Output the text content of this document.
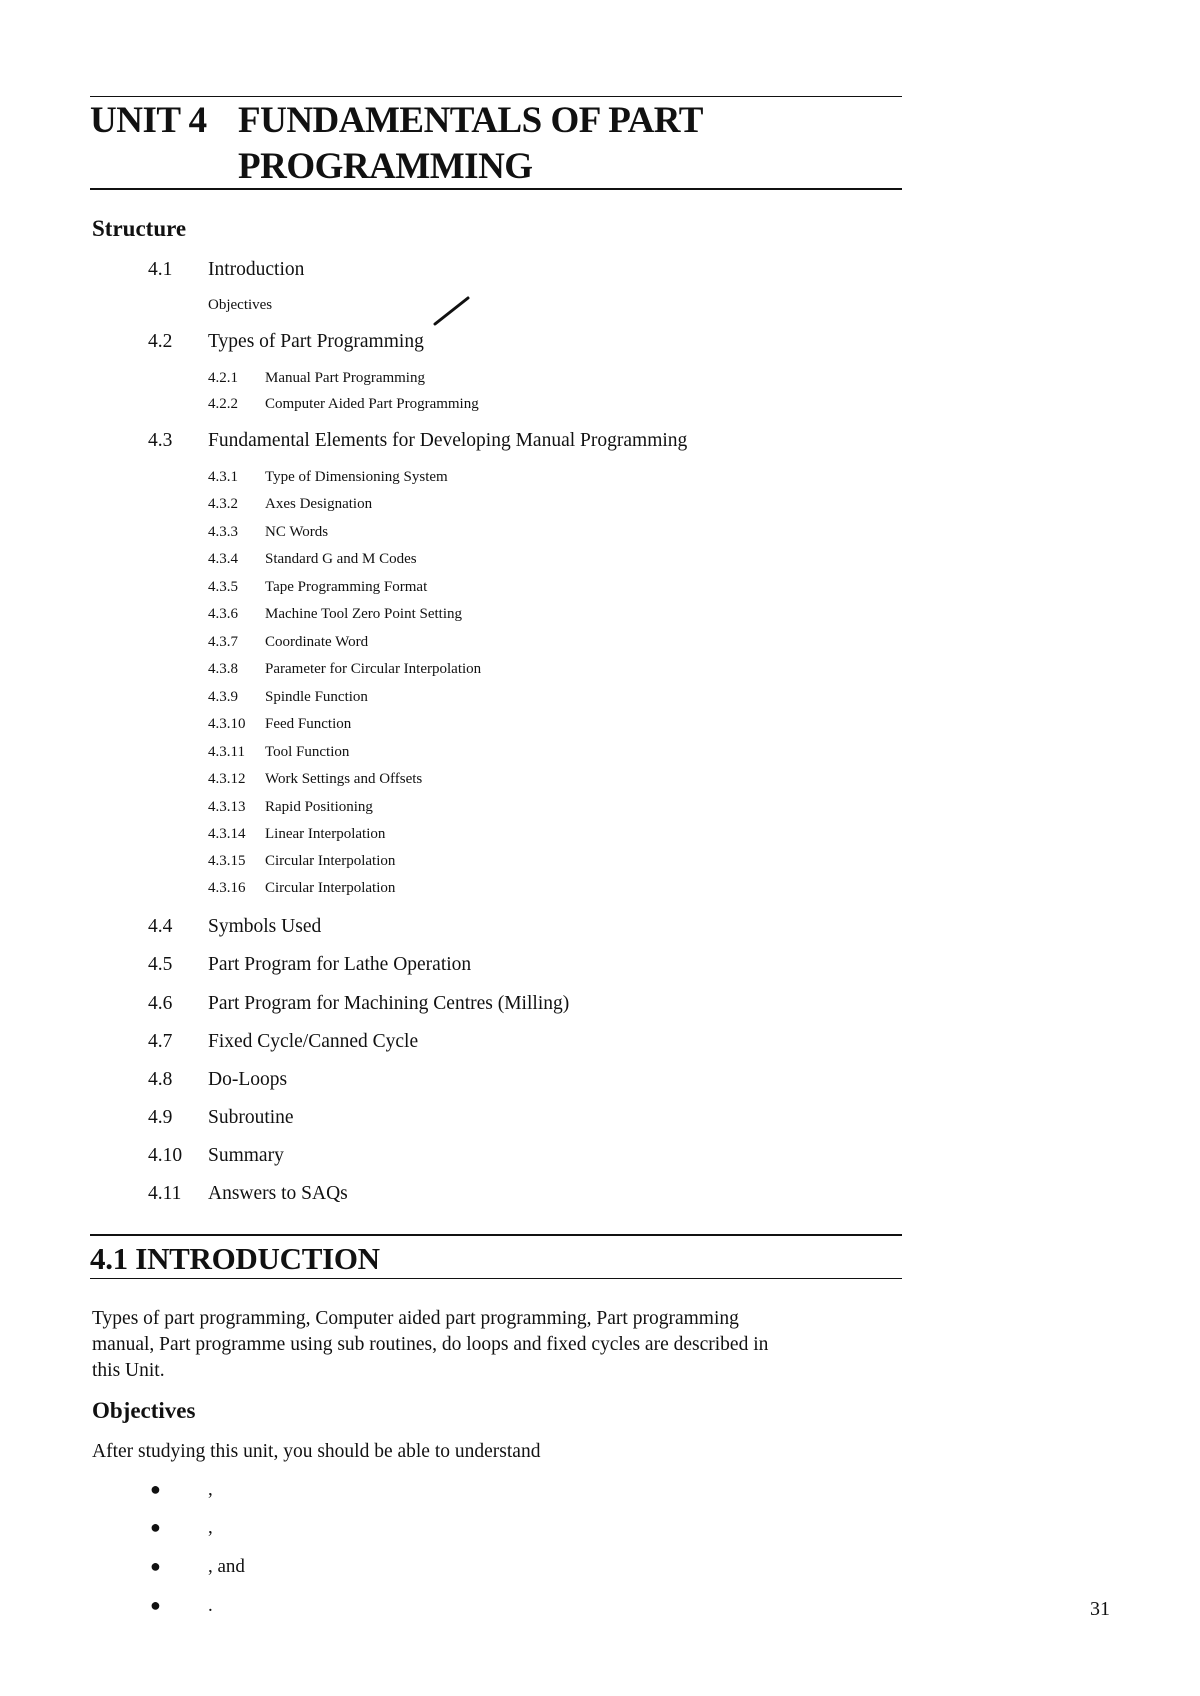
UNIT 4 FUNDAMENTALS OF PART
PROGRAMMING
Structure
4.1 Introduction
Objectives
4.2 Types of Part Programming
4.2.1 Manual Part Programming
4.2.2 Computer Aided Part Programming
4.3 Fundamental Elements for Developing Manual Programming
4.3.1 Type of Dimensioning System
4.3.2 Axes Designation
4.3.3 NC Words
4.3.4 Standard G and M Codes
4.3.5 Tape Programming Format
4.3.6 Machine Tool Zero Point Setting
4.3.7 Coordinate Word
4.3.8 Parameter for Circular Interpolation
4.3.9 Spindle Function
4.3.10 Feed Function
4.3.11 Tool Function
4.3.12 Work Settings and Offsets
4.3.13 Rapid Positioning
4.3.14 Linear Interpolation
4.3.15 Circular Interpolation
4.3.16 Circular Interpolation
4.4 Symbols Used
4.5 Part Program for Lathe Operation
4.6 Part Program for Machining Centres (Milling)
4.7 Fixed Cycle/Canned Cycle
4.8 Do-Loops
4.9 Subroutine
4.10 Summary
4.11 Answers to SAQs
4.1 INTRODUCTION
Types of part programming, Computer aided part programming, Part programming
manual, Part programme using sub routines, do loops and fixed cycles are described in
this Unit.
Objectives
After studying this unit, you should be able to understand
● ,
● ,
● , and
● .	31
